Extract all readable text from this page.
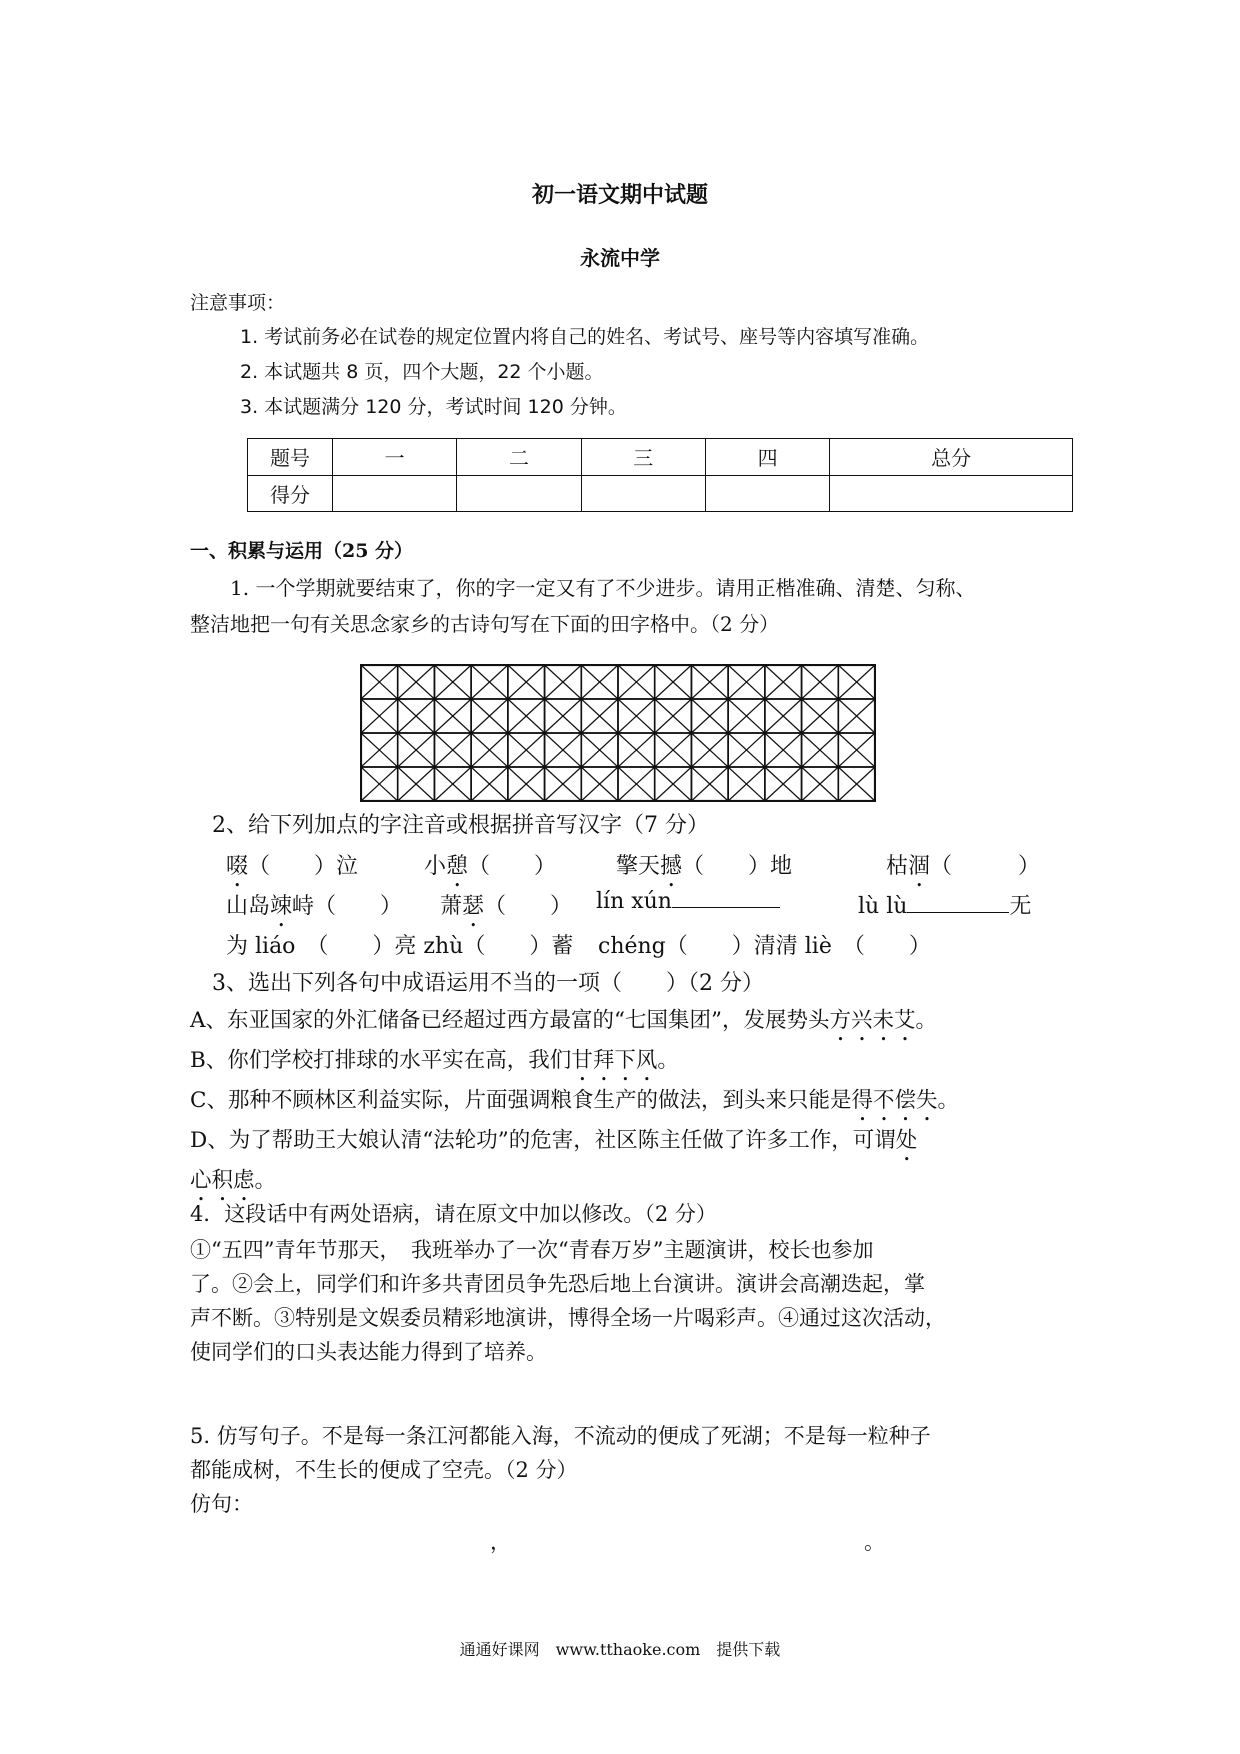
初一语文期中试题
永流中学
注意事项：
1. 考试前务必在试卷的规定位置内将自己的姓名、考试号、座号等内容填写准确。
2. 本试题共 8 页，四个大题，22 个小题。
3. 本试题满分 120 分，考试时间 120 分钟。
题号	一	二	三	四	总分
得分					
一、积累与运用（25 分）
1. 一个学期就要结束了，你的字一定又有了不少进步。请用正楷准确、清楚、匀称、
整洁地把一句有关思念家乡的古诗句写在下面的田字格中。（2 分）
2、给下列加点的字注音或根据拼音写汉字（7 分）
啜（　　）泣	小憩（　　）	擎天撼（　　）地	枯涸（　　　）
山岛竦峙（　　） 萧瑟（　　） lín xún	lù lù	无
为 liáo　（　　）亮 zhù（　　）蓄 chéng（　　）清清 liè　（　　）
3、选出下列各句中成语运用不当的一项（　　）（2 分）
A、东亚国家的外汇储备已经超过西方最富的“七国集团”，发展势头方兴未艾。
B、你们学校打排球的水平实在高，我们甘拜下风。
C、那种不顾林区利益实际，片面强调粮食生产的做法，到头来只能是得不偿失。
D、为了帮助王大娘认清“法轮功”的危害，社区陈主任做了许多工作，可谓处
心积虑。
4．这段话中有两处语病，请在原文中加以修改。（2 分）
①“五四”青年节那天，　我班举办了一次“青春万岁”主题演讲，校长也参加
了。②会上，同学们和许多共青团员争先恐后地上台演讲。演讲会高潮迭起，掌
声不断。③特别是文娱委员精彩地演讲，博得全场一片喝彩声。④通过这次活动，
使同学们的口头表达能力得到了培养。
5. 仿写句子。不是每一条江河都能入海，不流动的便成了死湖；不是每一粒种子
都能成树，不生长的便成了空壳。（2 分）
仿句：
，	。
通通好课网　www.tthaoke.com　提供下载
